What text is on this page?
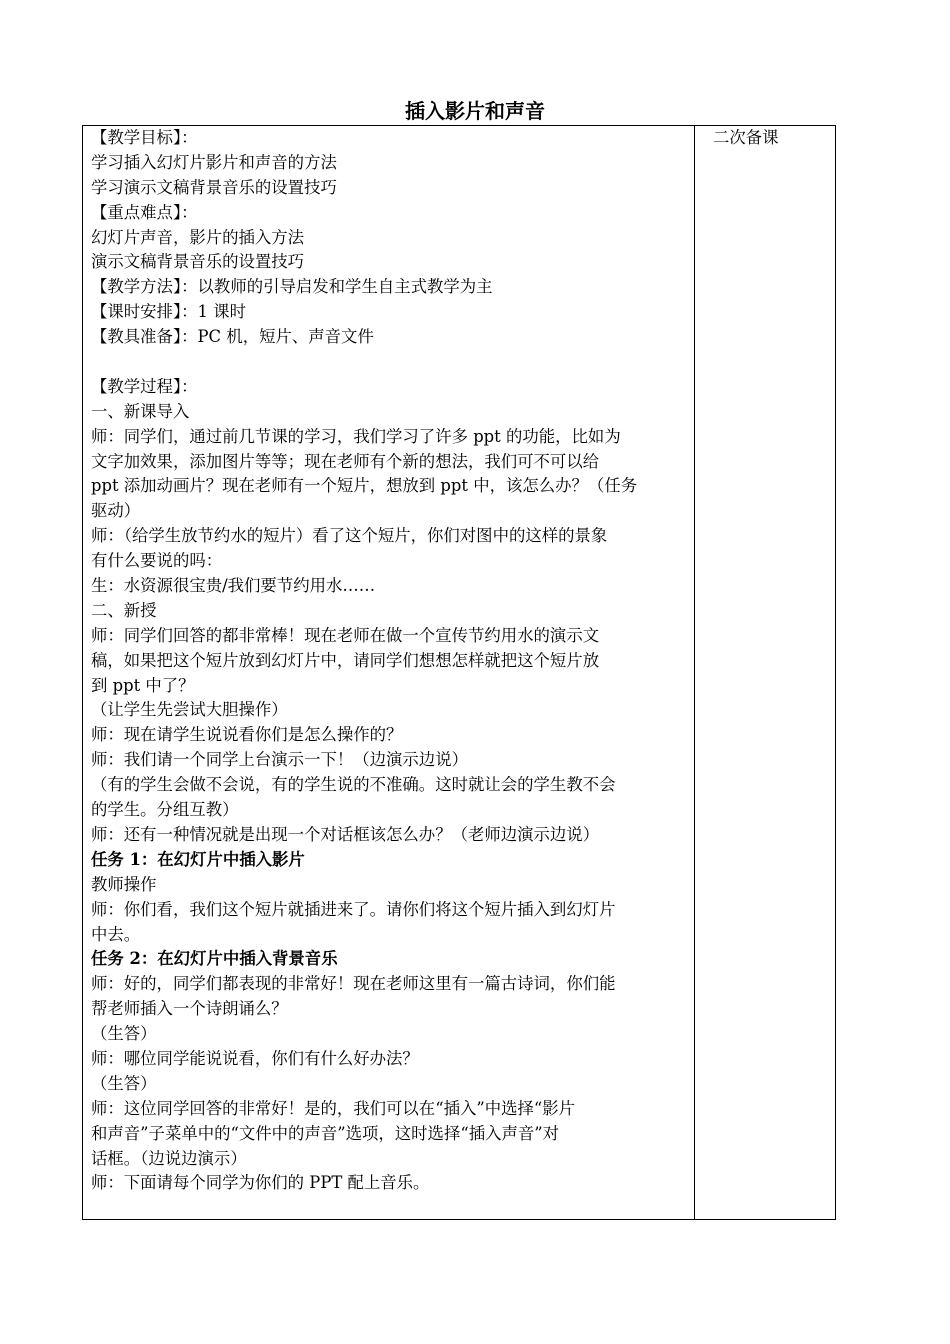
插入影片和声音
【教学目标】：
学习插入幻灯片影片和声音的方法
学习演示文稿背景音乐的设置技巧
【重点难点】：
幻灯片声音，影片的插入方法
演示文稿背景音乐的设置技巧
【教学方法】：以教师的引导启发和学生自主式教学为主
【课时安排】：1 课时
【教具准备】：PC 机，短片、声音文件
【教学过程】：
一、新课导入
师：同学们，通过前几节课的学习，我们学习了许多 ppt 的功能，比如为
文字加效果，添加图片等等；现在老师有个新的想法，我们可不可以给
ppt 添加动画片？现在老师有一个短片，想放到 ppt 中，该怎么办？（任务
驱动）
师：（给学生放节约水的短片）看了这个短片，你们对图中的这样的景象
有什么要说的吗：
生：水资源很宝贵/我们要节约用水……
二、新授
师：同学们回答的都非常棒！现在老师在做一个宣传节约用水的演示文
稿，如果把这个短片放到幻灯片中，请同学们想想怎样就把这个短片放
到 ppt 中了？
（让学生先尝试大胆操作）
师：现在请学生说说看你们是怎么操作的？
师：我们请一个同学上台演示一下！（边演示边说）
（有的学生会做不会说，有的学生说的不准确。这时就让会的学生教不会
的学生。分组互教）
师：还有一种情况就是出现一个对话框该怎么办？（老师边演示边说）
任务 1：在幻灯片中插入影片
教师操作
师：你们看，我们这个短片就插进来了。请你们将这个短片插入到幻灯片
中去。
任务 2：在幻灯片中插入背景音乐
师：好的，同学们都表现的非常好！现在老师这里有一篇古诗词，你们能
帮老师插入一个诗朗诵么？
（生答）
师：哪位同学能说说看，你们有什么好办法？
（生答）
师：这位同学回答的非常好！是的，我们可以在“插入”中选择“影片
和声音”子菜单中的“文件中的声音”选项，这时选择“插入声音”对
话框。（边说边演示）
师：下面请每个同学为你们的 PPT 配上音乐。
二次备课
